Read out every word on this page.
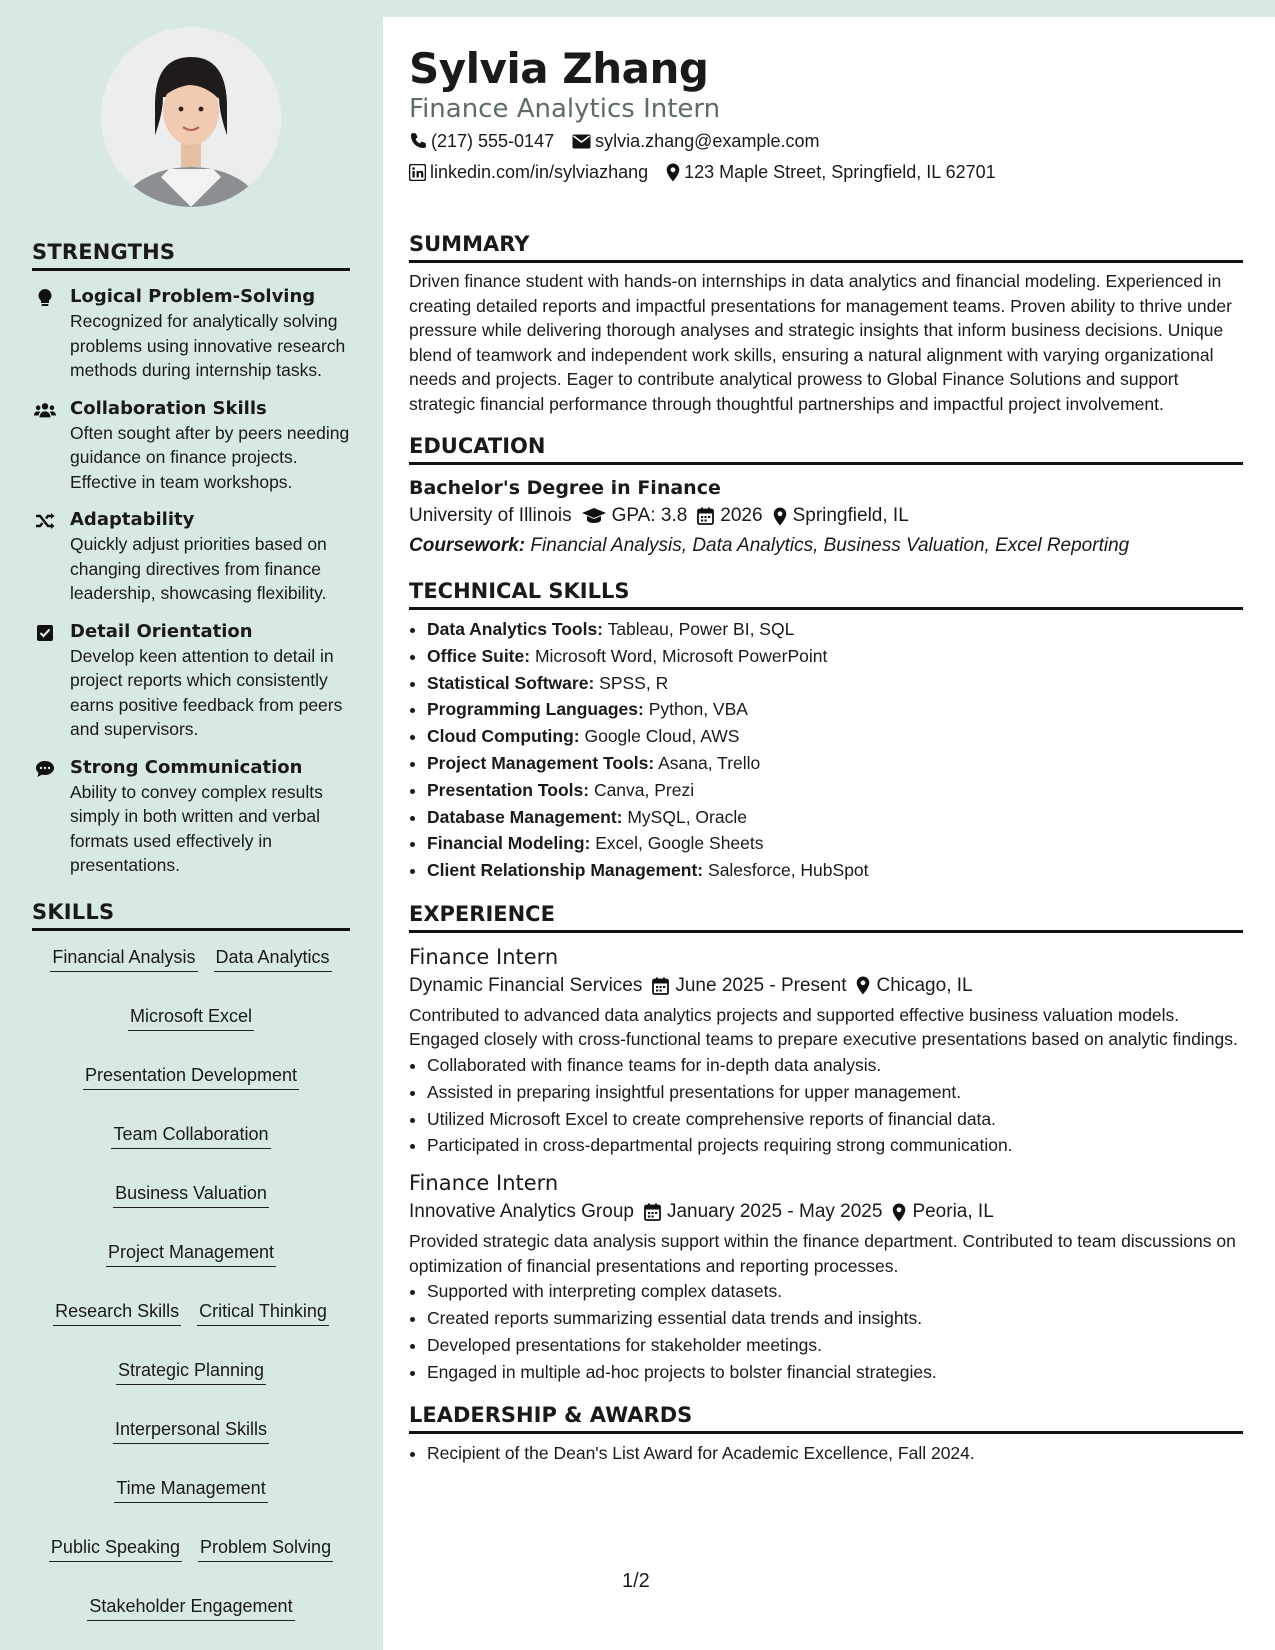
STRENGTHS
Logical Problem-Solving
Recognized for analytically solving problems using innovative research methods during internship tasks.
Collaboration Skills
Often sought after by peers needing guidance on finance projects. Effective in team workshops.
Adaptability
Quickly adjust priorities based on changing directives from finance leadership, showcasing flexibility.
Detail Orientation
Develop keen attention to detail in project reports which consistently earns positive feedback from peers and supervisors.
Strong Communication
Ability to convey complex results simply in both written and verbal formats used effectively in presentations.
SKILLS
Financial Analysis Data Analytics
Microsoft Excel
Presentation Development
Team Collaboration
Business Valuation
Project Management
Research Skills Critical Thinking
Strategic Planning
Interpersonal Skills
Time Management
Public Speaking Problem Solving
Stakeholder Engagement
Sylvia Zhang
Finance Analytics Intern
(217) 555-0147 sylvia.zhang@example.com
linkedin.com/in/sylviazhang 123 Maple Street, Springfield, IL 62701
SUMMARY
Driven finance student with hands-on internships in data analytics and financial modeling. Experienced in creating detailed reports and impactful presentations for management teams. Proven ability to thrive under pressure while delivering thorough analyses and strategic insights that inform business decisions. Unique blend of teamwork and independent work skills, ensuring a natural alignment with varying organizational needs and projects. Eager to contribute analytical prowess to Global Finance Solutions and support strategic financial performance through thoughtful partnerships and impactful project involvement.
EDUCATION
Bachelor's Degree in Finance
University of Illinois GPA: 3.8 2026 Springfield, IL
Coursework: Financial Analysis, Data Analytics, Business Valuation, Excel Reporting
TECHNICAL SKILLS
• Data Analytics Tools: Tableau, Power BI, SQL
• Office Suite: Microsoft Word, Microsoft PowerPoint
• Statistical Software: SPSS, R
• Programming Languages: Python, VBA
• Cloud Computing: Google Cloud, AWS
• Project Management Tools: Asana, Trello
• Presentation Tools: Canva, Prezi
• Database Management: MySQL, Oracle
• Financial Modeling: Excel, Google Sheets
• Client Relationship Management: Salesforce, HubSpot
EXPERIENCE
Finance Intern
Dynamic Financial Services June 2025 - Present Chicago, IL
Contributed to advanced data analytics projects and supported effective business valuation models. Engaged closely with cross-functional teams to prepare executive presentations based on analytic findings.
• Collaborated with finance teams for in-depth data analysis.
• Assisted in preparing insightful presentations for upper management.
• Utilized Microsoft Excel to create comprehensive reports of financial data.
• Participated in cross-departmental projects requiring strong communication.
Finance Intern
Innovative Analytics Group January 2025 - May 2025 Peoria, IL
Provided strategic data analysis support within the finance department. Contributed to team discussions on optimization of financial presentations and reporting processes.
• Supported with interpreting complex datasets.
• Created reports summarizing essential data trends and insights.
• Developed presentations for stakeholder meetings.
• Engaged in multiple ad-hoc projects to bolster financial strategies.
LEADERSHIP & AWARDS
• Recipient of the Dean's List Award for Academic Excellence, Fall 2024.
1/2
